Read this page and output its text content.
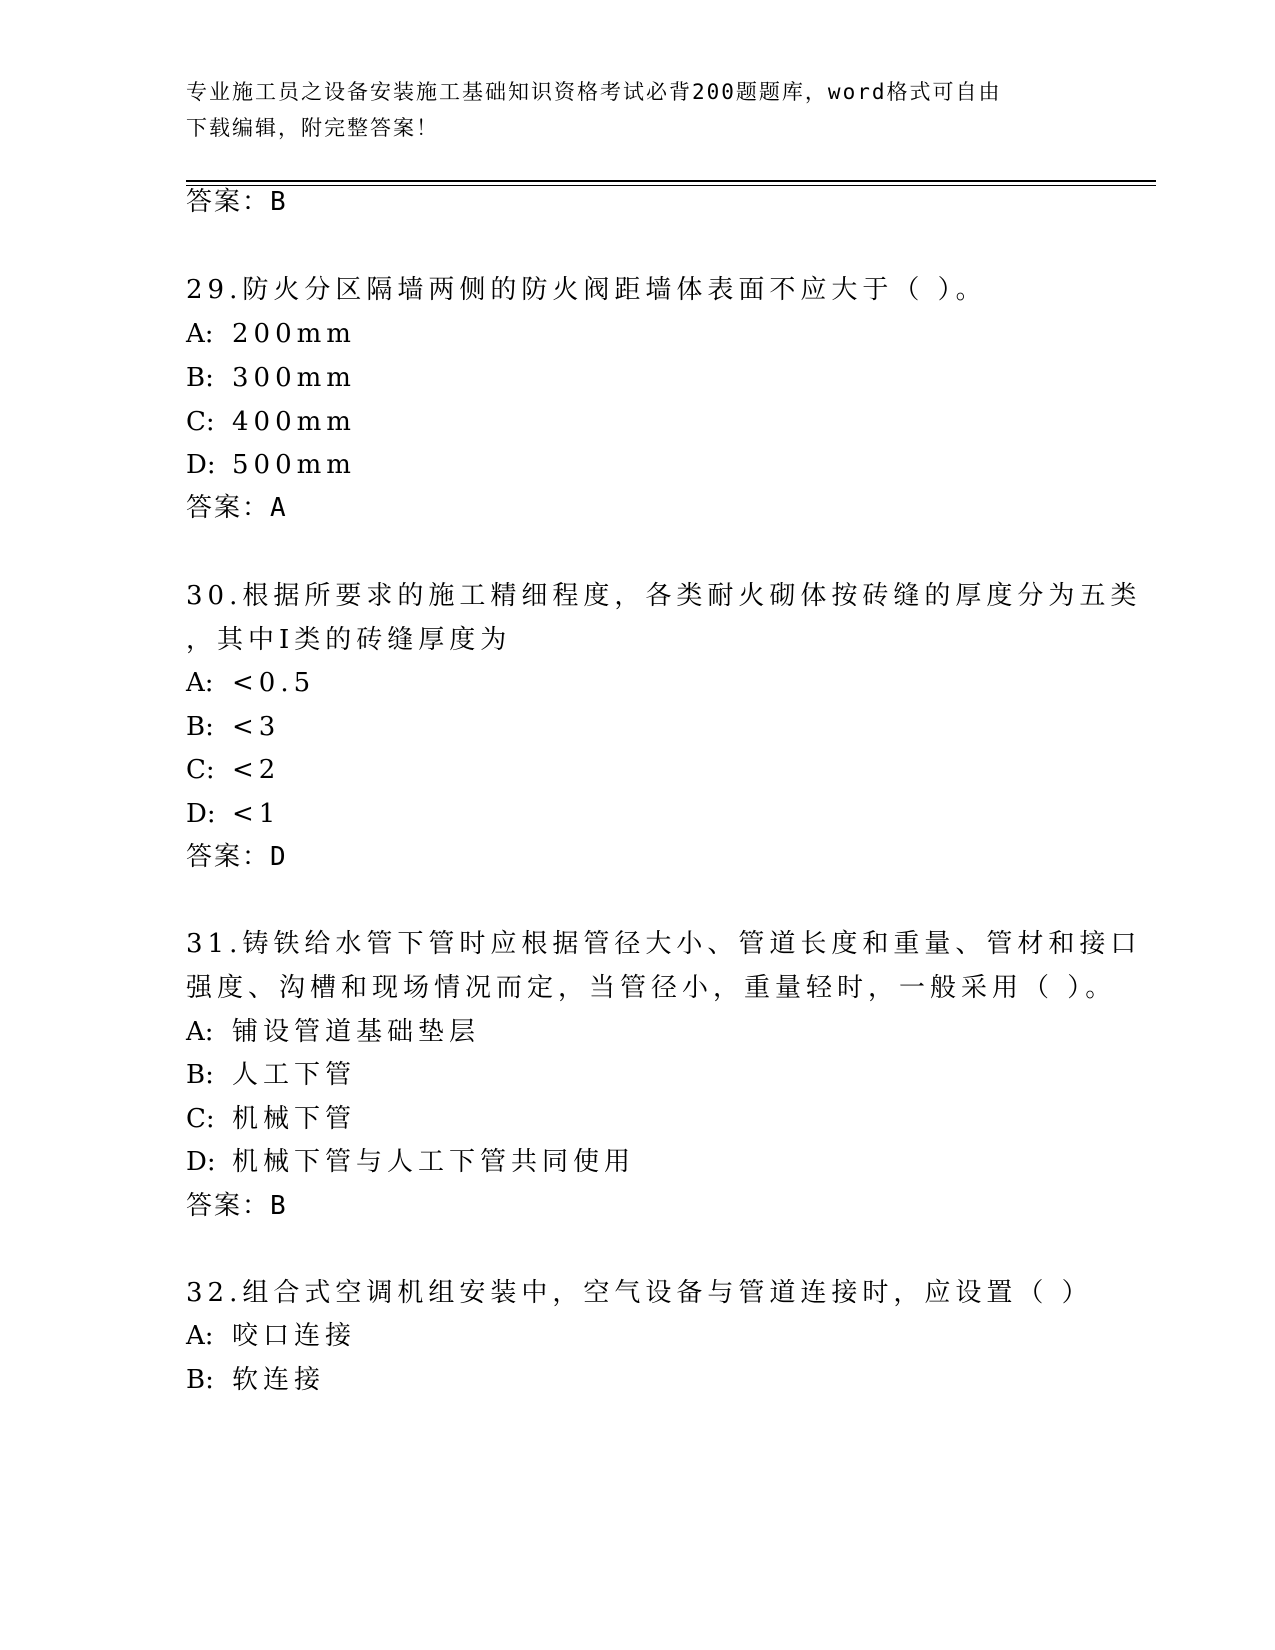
专业施工员之设备安装施工基础知识资格考试必背200题题库，word格式可自由
下载编辑，附完整答案！
答案：B
29.防火分区隔墙两侧的防火阀距墙体表面不应大于（ ）。
A: 200mm
B: 300mm
C: 400mm
D: 500mm
答案：A
30.根据所要求的施工精细程度，各类耐火砌体按砖缝的厚度分为五类
，其中Ⅰ类的砖缝厚度为
A: <0.5
B: <3
C: <2
D: <1
答案：D
31.铸铁给水管下管时应根据管径大小、管道长度和重量、管材和接口
强度、沟槽和现场情况而定，当管径小，重量轻时，一般采用（ ）。
A: 铺设管道基础垫层
B: 人工下管
C: 机械下管
D: 机械下管与人工下管共同使用
答案：B
32.组合式空调机组安装中，空气设备与管道连接时，应设置（ ）
A: 咬口连接
B: 软连接
